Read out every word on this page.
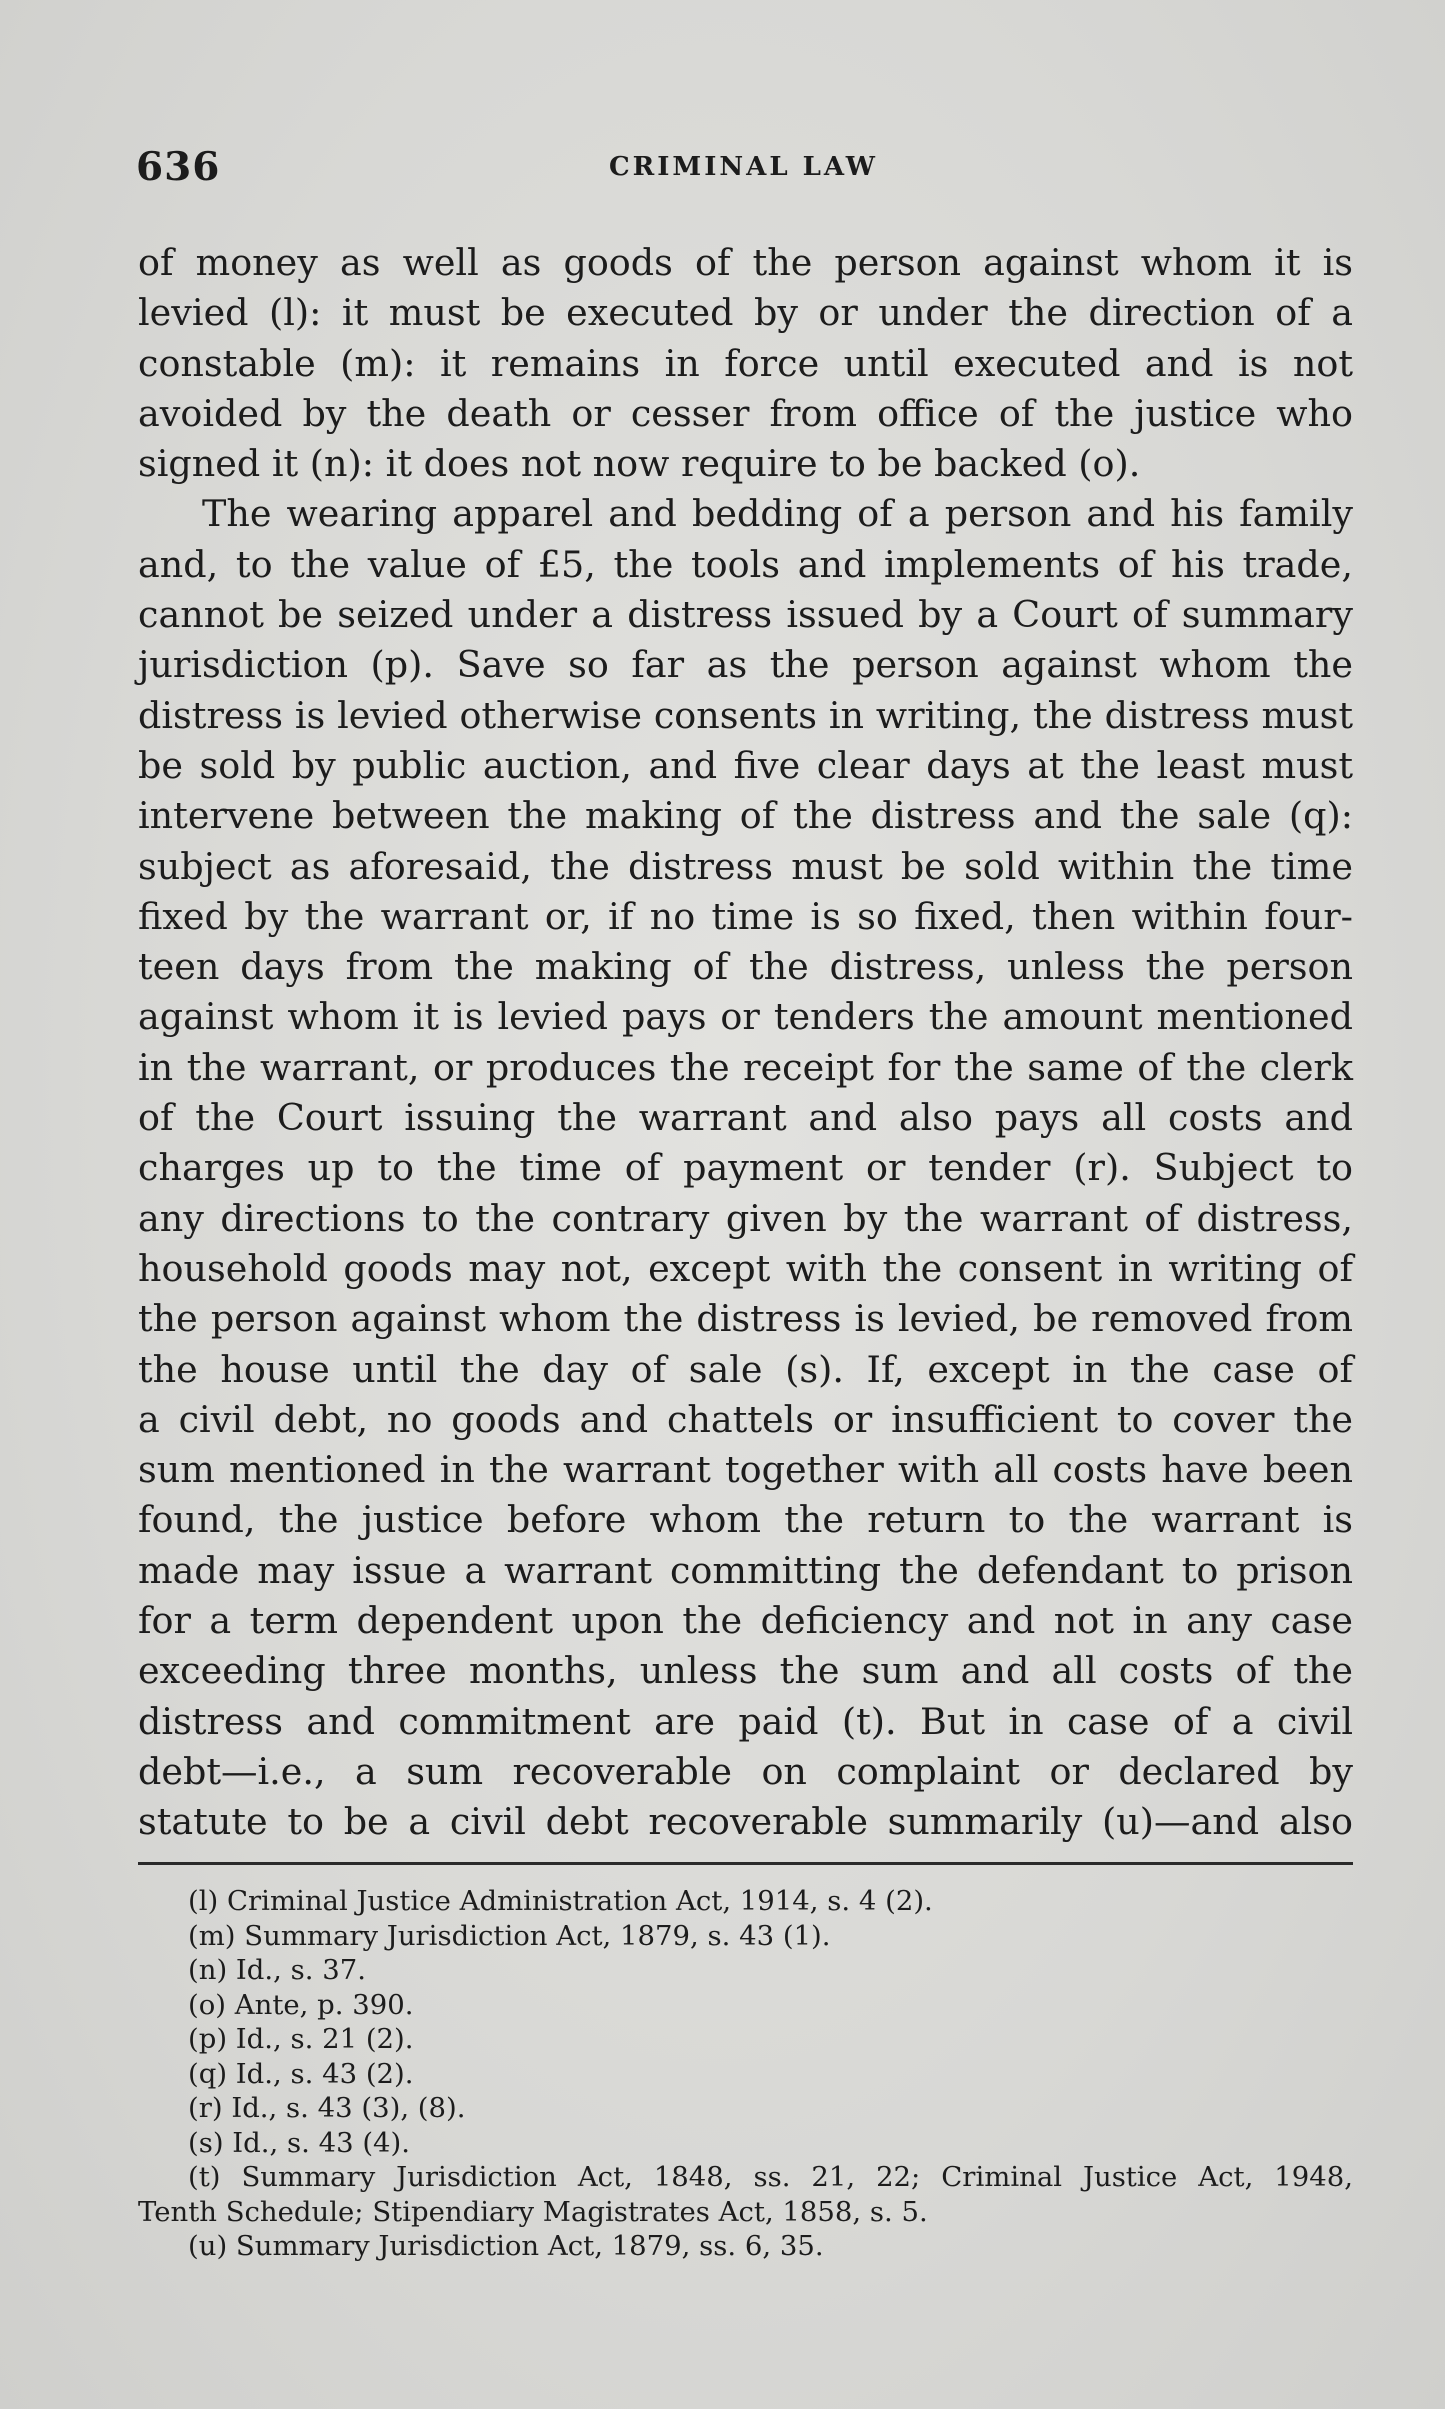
636	CRIMINAL LAW
of money as well as goods of the person against whom it is
levied (l): it must be executed by or under the direction of a
constable (m): it remains in force until executed and is not
avoided by the death or cesser from office of the justice who
signed it (n): it does not now require to be backed (o).
The wearing apparel and bedding of a person and his family
and, to the value of £5, the tools and implements of his trade,
cannot be seized under a distress issued by a Court of summary
jurisdiction (p). Save so far as the person against whom the
distress is levied otherwise consents in writing, the distress must
be sold by public auction, and five clear days at the least must
intervene between the making of the distress and the sale (q):
subject as aforesaid, the distress must be sold within the time
fixed by the warrant or, if no time is so fixed, then within four-
teen days from the making of the distress, unless the person
against whom it is levied pays or tenders the amount mentioned
in the warrant, or produces the receipt for the same of the clerk
of the Court issuing the warrant and also pays all costs and
charges up to the time of payment or tender (r). Subject to
any directions to the contrary given by the warrant of distress,
household goods may not, except with the consent in writing of
the person against whom the distress is levied, be removed from
the house until the day of sale (s). If, except in the case of
a civil debt, no goods and chattels or insufficient to cover the
sum mentioned in the warrant together with all costs have been
found, the justice before whom the return to the warrant is
made may issue a warrant committing the defendant to prison
for a term dependent upon the deficiency and not in any case
exceeding three months, unless the sum and all costs of the
distress and commitment are paid (t). But in case of a civil
debt—i.e., a sum recoverable on complaint or declared by
statute to be a civil debt recoverable summarily (u)—and also
(l) Criminal Justice Administration Act, 1914, s. 4 (2).
(m) Summary Jurisdiction Act, 1879, s. 43 (1).
(n) Id., s. 37.
(o) Ante, p. 390.
(p) Id., s. 21 (2).
(q) Id., s. 43 (2).
(r) Id., s. 43 (3), (8).
(s) Id., s. 43 (4).
(t) Summary Jurisdiction Act, 1848, ss. 21, 22; Criminal Justice Act, 1948,
Tenth Schedule; Stipendiary Magistrates Act, 1858, s. 5.
(u) Summary Jurisdiction Act, 1879, ss. 6, 35.
